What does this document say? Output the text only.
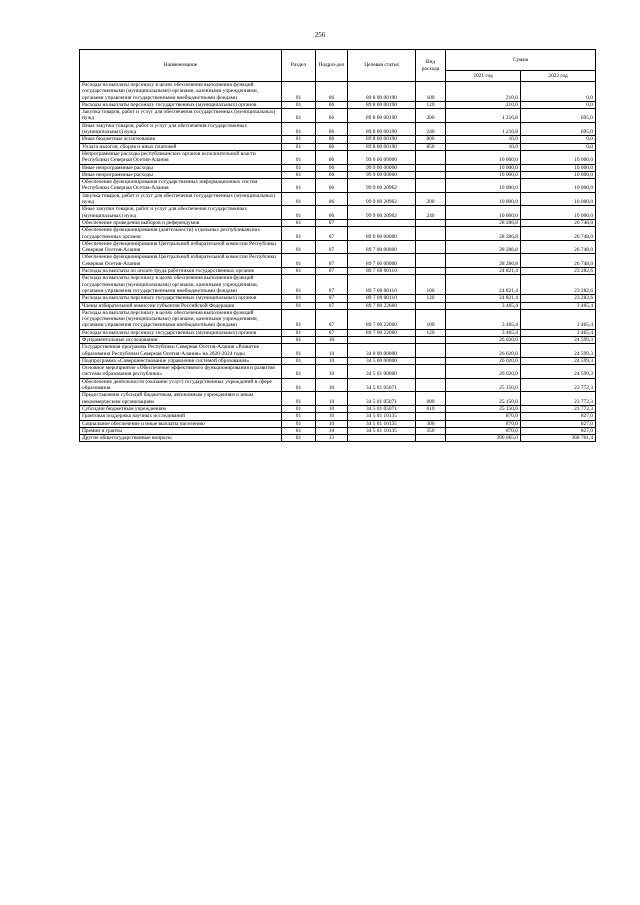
256
Наименование	Раздел	Подраз-дел	Целевая статья	Вид расхода	Сумма	
					2021 год	2022 год
Расходы на выплаты персоналу в целях обеспечения выполнения функций государственными (муниципальными) органами, казенными учреждениями, органами управления государственными внебюджетными фондами	01	06	89 8 00 00190	100	210,0	0,0
Расходы на выплаты персоналу государственных (муниципальных) органов	01	06	89 8 00 00190	120	210,0	0,0
Закупка товаров, работ и услуг для обеспечения государственных (муниципальных) нужд	01	06	89 8 00 00190	200	1 216,8	695,0
Иные закупки товаров, работ и услуг для обеспечения государственных (муниципальных) нужд	01	06	89 8 00 00190	240	1 216,8	695,0
Иные бюджетные ассигнования	01	06	89 8 00 00190	800	10,0	0,0
Уплата налогов, сборов и иных платежей	01	06	89 8 00 00190	850	10,0	0,0
Непрограммные расходы республиканских органов исполнительной власти Республики Северная Осетия-Алания	01	06	99 0 00 00000		10 000,0	10 000,0
Иные непрограммные расходы	01	06	99 9 00 00000		10 000,0	10 000,0
Иные непрограммные расходы	01	06	99 9 00 00000		10 000,0	10 000,0
Обеспечение функционирования государственных информационных систем Республики Северная Осетия-Алания	01	06	99 9 00 20962		10 000,0	10 000,0
Закупка товаров, работ и услуг для обеспечения государственных (муниципальных) нужд	01	06	99 9 00 20962	200	10 000,0	10 000,0
Иные закупки товаров, работ и услуг для обеспечения государственных (муниципальных) нужд	01	06	99 9 00 20962	240	10 000,0	10 000,0
Обеспечение проведения выборов и референдумов	01	07			28 286,8	26 748,0
Обеспечение функционирования (деятельности) отдельных республиканских государственных органов	01	07	89 0 00 00000		28 286,8	26 748,0
Обеспечение функционирования Центральной избирательной комиссии Республики Северная Осетия-Алания	01	07	89 7 00 00000		28 286,8	26 748,0
Обеспечение функционирования Центральной избирательной комиссии Республики Северная Осетия-Алания	01	07	89 7 00 00000		28 286,8	26 748,0
Расходы на выплаты по оплате труда работников государственных органов	01	07	89 7 00 00110		24 821,4	23 282,6
Расходы на выплаты персоналу в целях обеспечения выполнения функций государственными (муниципальными) органами, казенными учреждениями, органами управления государственными внебюджетными фондами	01	07	89 7 00 00110	100	24 821,4	23 282,6
Расходы на выплаты персоналу государственных (муниципальных) органов	01	07	89 7 00 00110	120	24 821,4	23 282,6
Члены избирательной комиссии субъектов Российской Федерации	01	07	89 7 00 22660		3 465,4	3 465,4
Расходы на выплаты персоналу в целях обеспечения выполнения функций государственными (муниципальными) органами, казенными учреждениями, органами управления государственными внебюджетными фондами	01	07	89 7 00 22660	100	3 465,4	3 465,4
Расходы на выплаты персоналу государственных (муниципальных) органов	01	07	89 7 00 22660	120	3 465,4	3 465,4
Фундаментальные исследования	01	10			26 020,0	24 599,3
Государственная программа Республики Северная Осетия-Алания «Развитие образования Республики Северная Осетия-Алания» на 2020-2024 годы	01	10	34 0 00 00000		26 020,0	24 599,3
Подпрограмма «Совершенствование управления системой образования»	01	10	34 5 00 00000		26 020,0	24 599,3
Основное мероприятие «Обеспечение эффективного функционирования и развития системы образования республики»	01	10	34 5 01 00000		26 020,0	24 599,3
Обеспечение деятельности (оказание услуг) государственных учреждений в сфере образования	01	10	34 5 01 05071		25 150,0	23 772,3
Предоставление субсидий бюджетным, автономным учреждениям и иным некоммерческим организациям	01	10	34 5 01 05071	600	25 150,0	23 772,3
Субсидии бюджетным учреждениям	01	10	34 5 01 05071	610	25 150,0	23 772,3
Грантовая поддержка научных исследований	01	10	34 5 01 10135		870,0	827,0
Социальное обеспечение и иные выплаты населению	01	10	34 5 01 10135	300	870,0	827,0
Премии и гранты	01	10	34 5 01 10135	350	870,0	827,0
Другие общегосударственные вопросы	01	13			390 065,0	368 761,4
